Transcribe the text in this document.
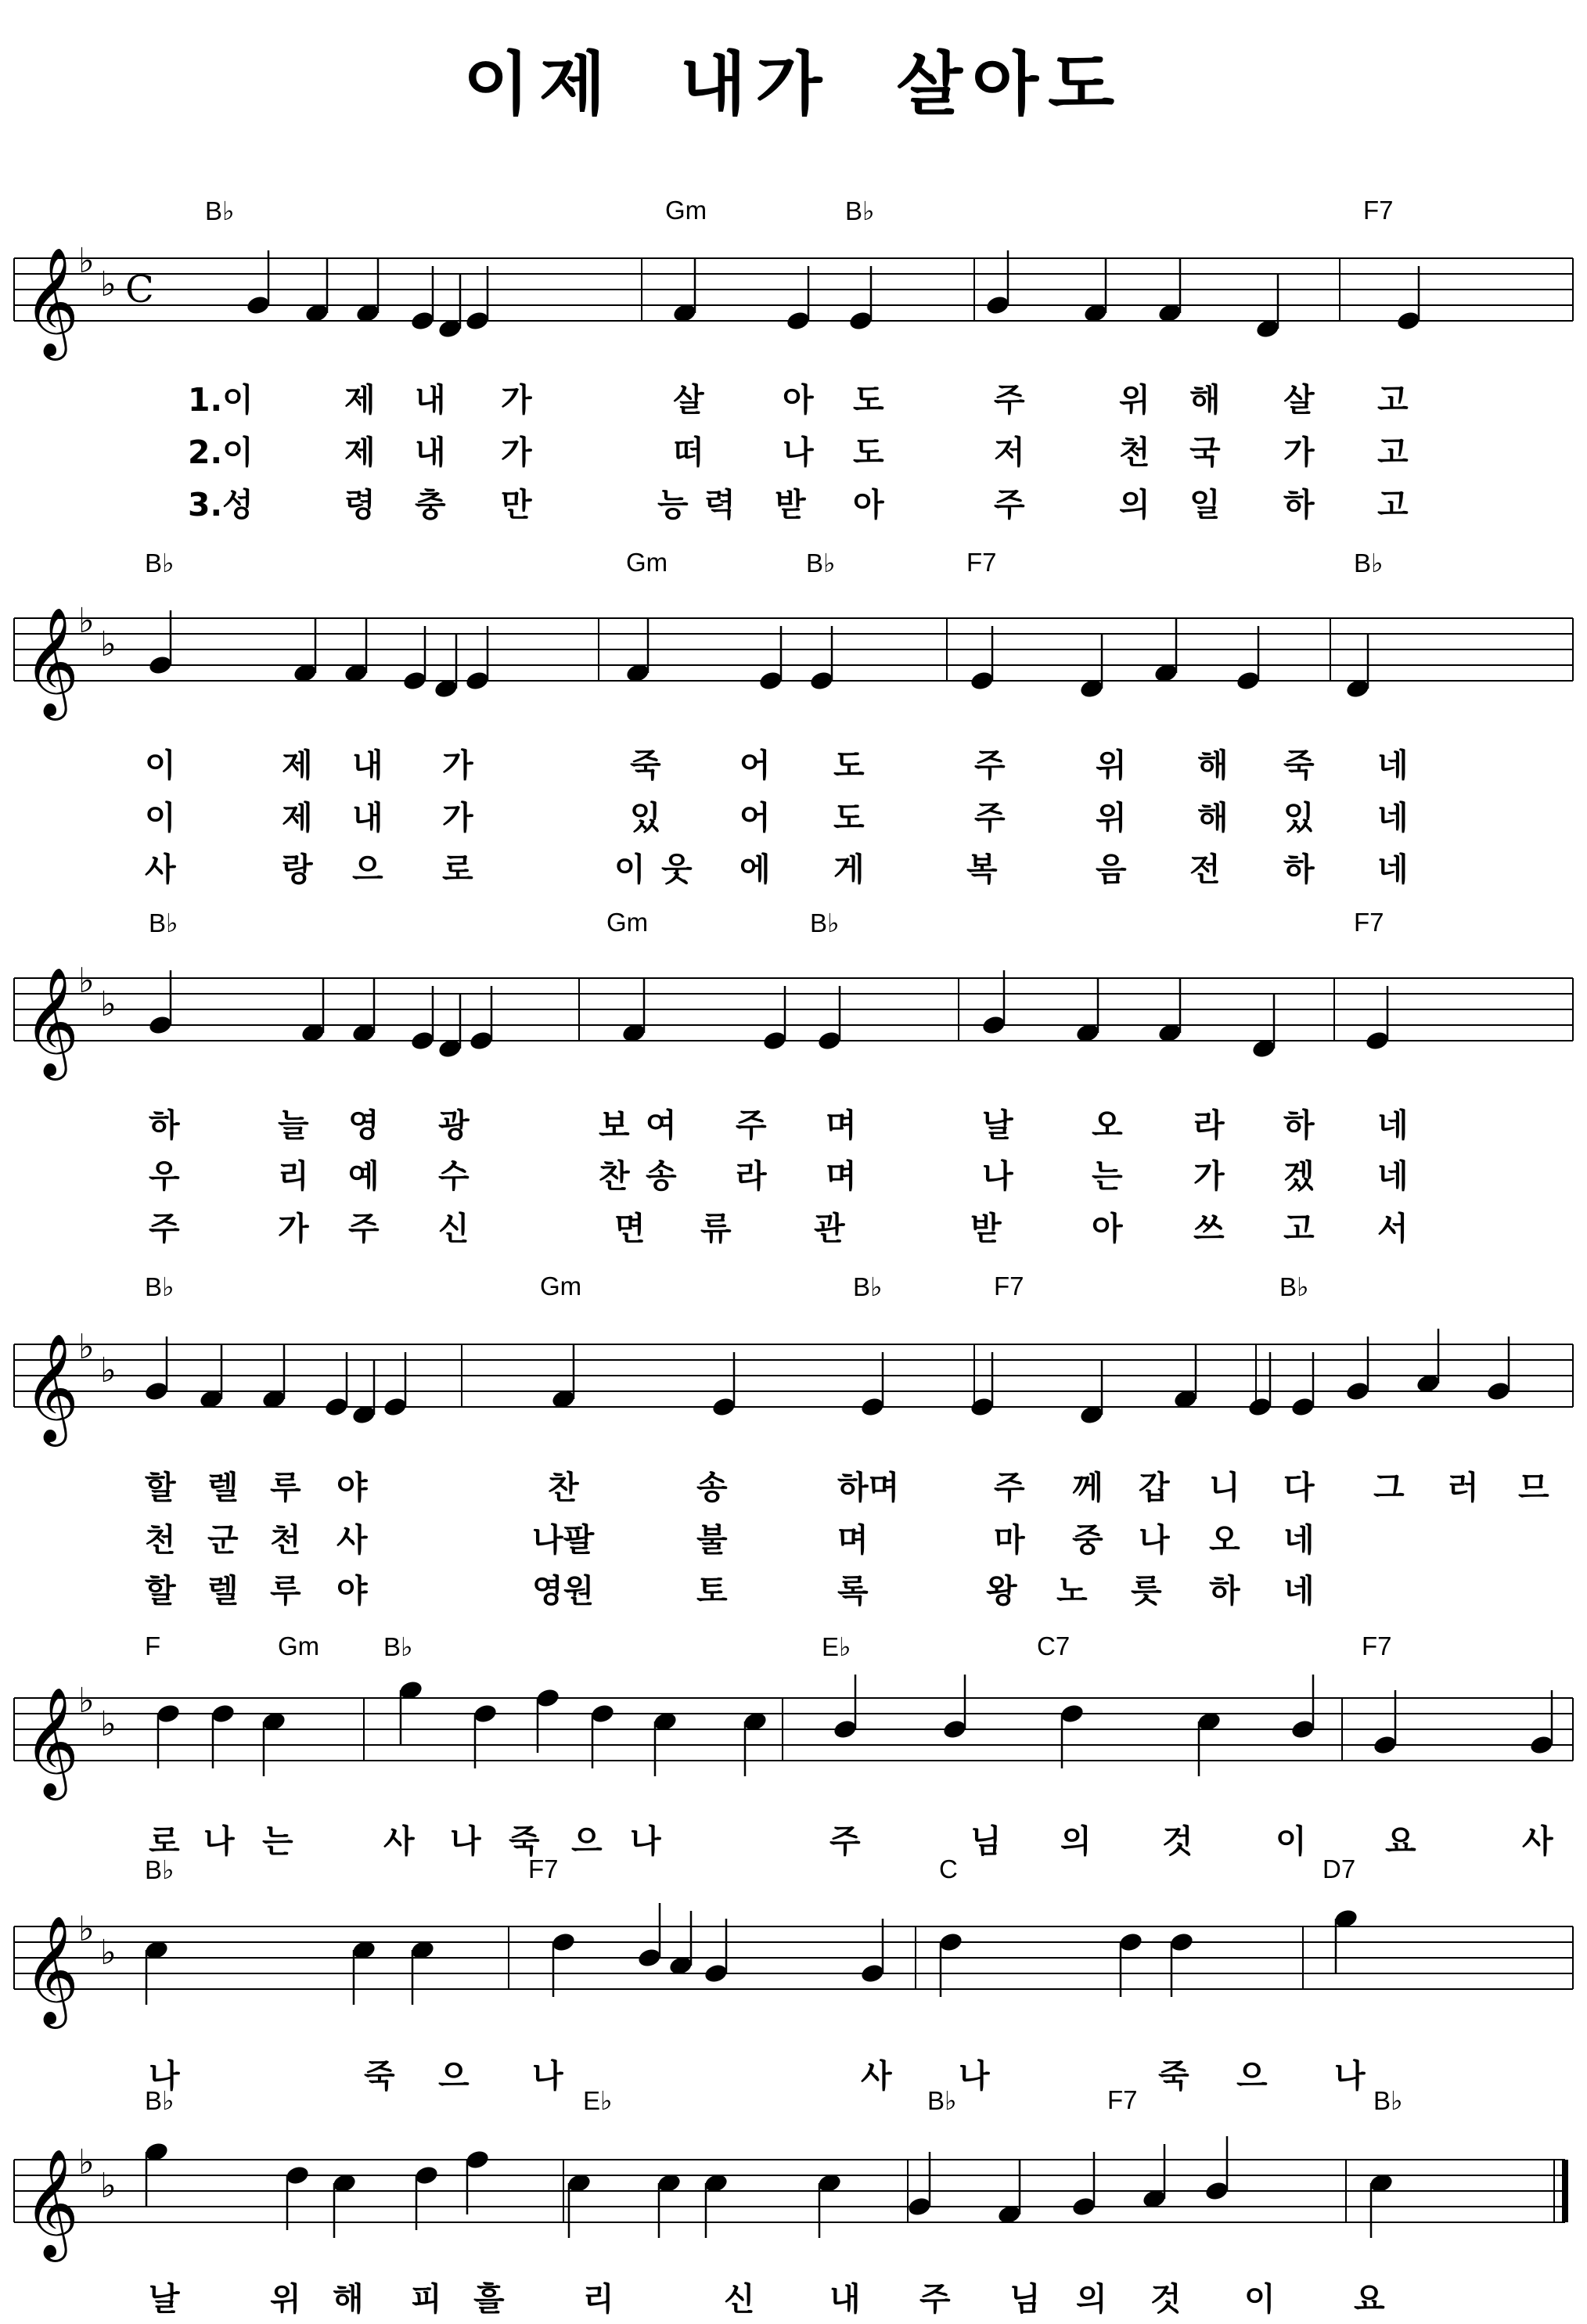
이제 내가 살아도
𝄞 ♭
♭ C
𝄞 ♭
♭
𝄞 ♭
♭
𝄞 ♭
♭
𝄞 ♭
♭
𝄞 ♭
♭
𝄞 ♭
♭
B♭	Gm	B♭	F7
1.이	제 내 가	살 아 도	주	위 해 살 고
2.이	제 내 가	떠 나 도	저	천 국 가 고
3.성	령 충 만	능 력 받 아	주	의 일 하 고
B♭	Gm	B♭	F7	B♭
이	제 내 가	죽 어 도	주	위 해 죽 네
이	제 내 가	있 어 도	주	위 해 있 네
사	랑 으 로	이 웃 에 게	복	음 전 하 네
B♭	Gm	B♭	F7
하	늘 영 광	보 여 주 며	날 오 라 하 네
우	리 예 수	찬 송 라 며	나 는 가 겠 네
주	가 주 신	면 류	관	받	아 쓰 고 서
B♭	Gm	B♭	F7	B♭
할 렐 루 야	찬	송	하며	주 께 갑 니 다 그 러 므
천 군 천 사	나팔	불	며	마 중 나 오 네
할 렐 루 야	영원	토	록	왕 노 릇 하 네
F	Gm B♭	E♭	C7	F7
로 나 는	사 나 죽 으 나	주	님 의 것	이 요	사
B♭	F7	C	D7
나	죽 으 나	사 나	죽 으 나
B♭	E♭	B♭	F7	B♭
날	위 해 피 흘 리	신 내 주 님 의 것 이 요
